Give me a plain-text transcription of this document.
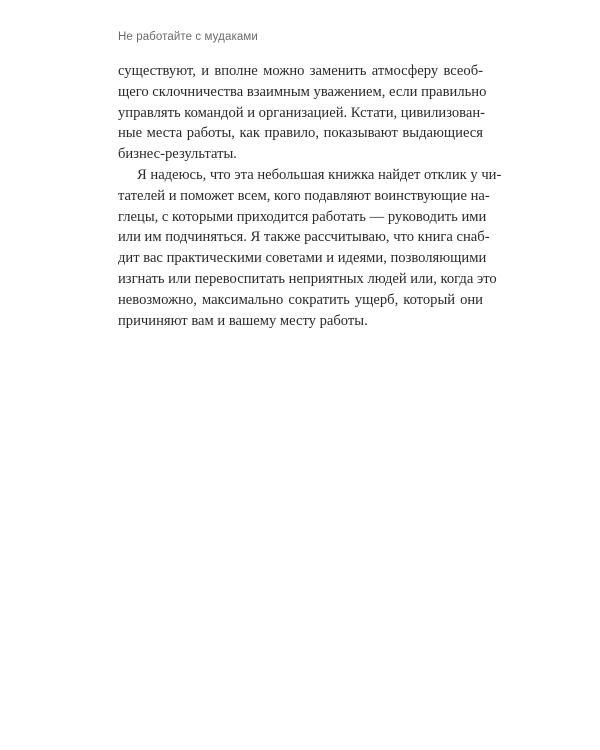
Не работайте с мудаками

существуют, и вполне можно заменить атмосферу всеоб-
щего склочничества взаимным уважением, если правильно
управлять командой и организацией. Кстати, цивилизован-
ные места работы, как правило, показывают выдающиеся
бизнес-результаты.

Я надеюсь, что эта небольшая книжка найдет отклик у чи-
тателей и поможет всем, кого подавляют воинствующие на-
глецы, с которыми приходится работать — руководить ими
или им подчиняться. Я также рассчитываю, что книга снаб-
дит вас практическими советами и идеями, позволяющими
изгнать или перевоспитать неприятных людей или, когда это
невозможно, максимально сократить ущерб, который они
причиняют вам и вашему месту работы.
